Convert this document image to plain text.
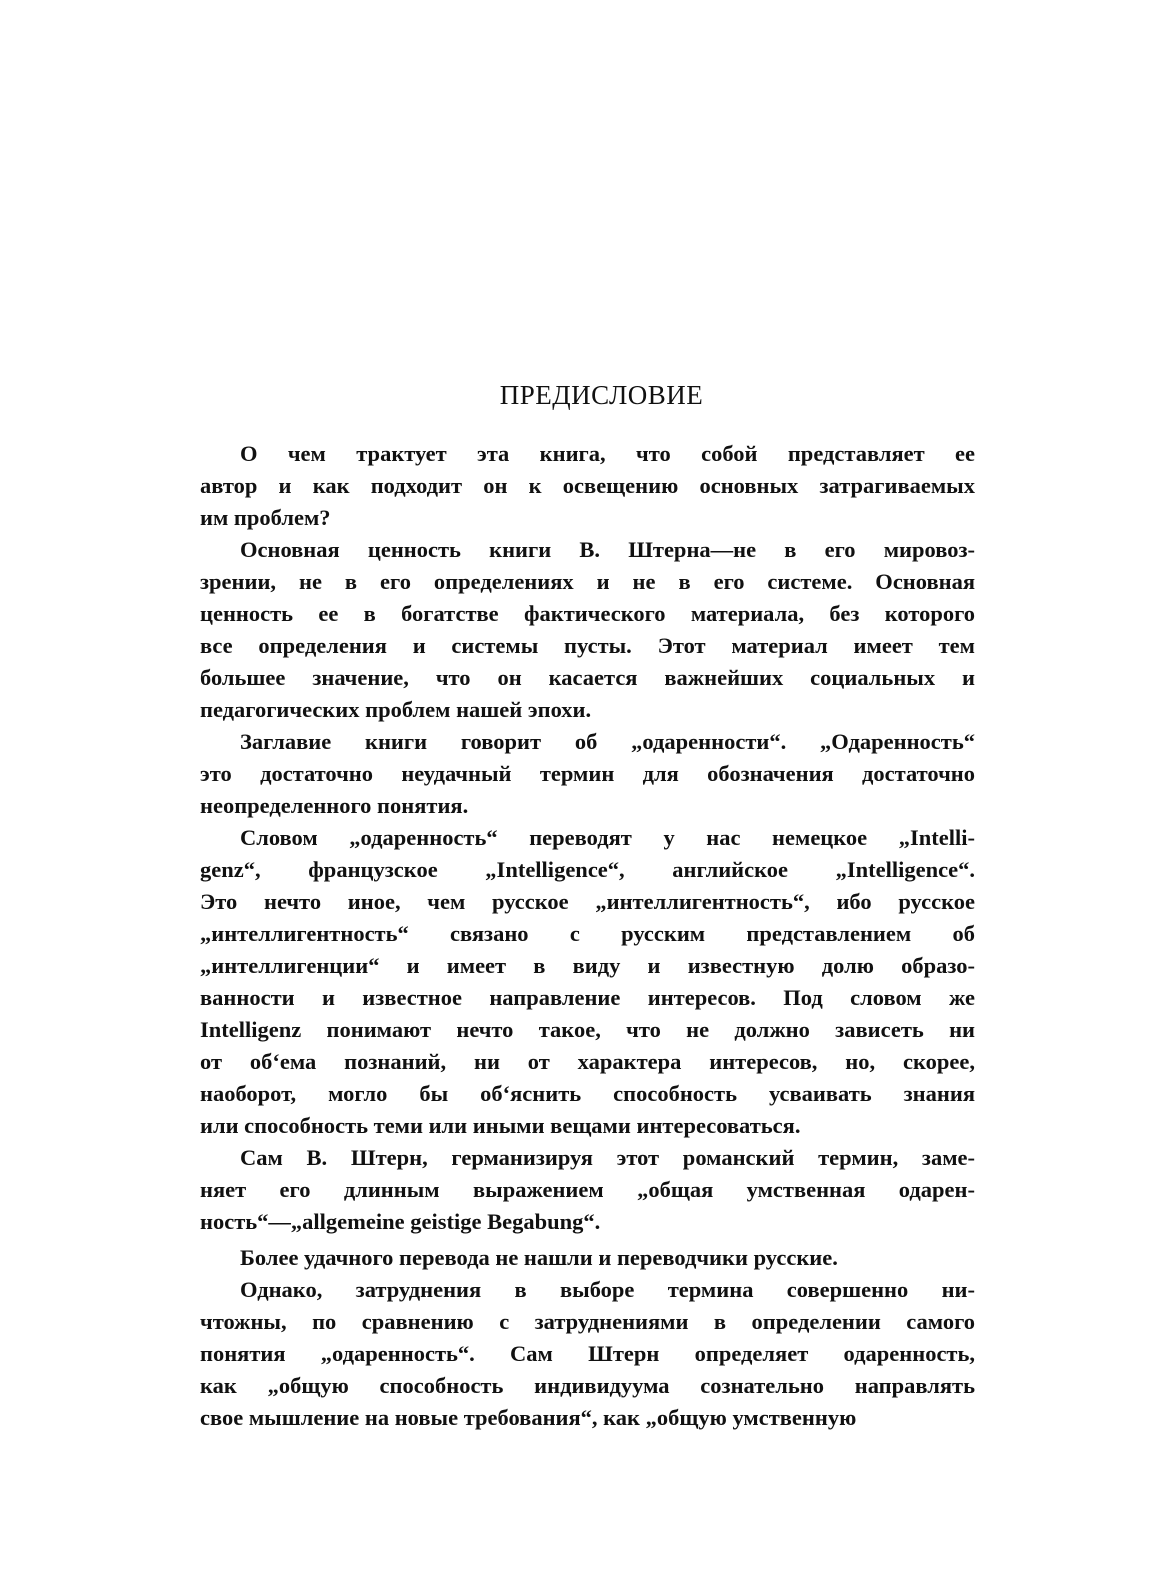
ПРЕДИСЛОВИЕ
О чем трактует эта книга, что собой представляет ее
автор и как подходит он к освещению основных затрагиваемых
им проблем?
Основная ценность книги В. Штерна—не в его мировоз-
зрении, не в его определениях и не в его системе. Основная
ценность ее в богатстве фактического материала, без которого
все определения и системы пусты. Этот материал имеет тем
большее значение, что он касается важнейших социальных и
педагогических проблем нашей эпохи.
Заглавие книги говорит об „одаренности“. „Одаренность“
это достаточно неудачный термин для обозначения достаточно
неопределенного понятия.
Словом „одаренность“ переводят у нас немецкое „Intelli-
genz“, французское „Intelligence“, английское „Intelligence“.
Это нечто иное, чем русское „интеллигентность“, ибо русское
„интеллигентность“ связано с русским представлением об
„интеллигенции“ и имеет в виду и известную долю образо-
ванности и известное направление интересов. Под словом же
Intelligenz понимают нечто такое, что не должно зависеть ни
от об‘ема познаний, ни от характера интересов, но, скорее,
наоборот, могло бы об‘яснить способность усваивать знания
или способность теми или иными вещами интересоваться.
Сам В. Штерн, германизируя этот романский термин, заме-
няет его длинным выражением „общая умственная одарен-
ность“—„allgemeine geistige Begabung“.
Более удачного перевода не нашли и переводчики русские.
Однако, затруднения в выборе термина совершенно ни-
чтожны, по сравнению с затруднениями в определении самого
понятия „одаренность“. Сам Штерн определяет одаренность,
как „общую способность индивидуума сознательно направлять
свое мышление на новые требования“, как „общую умственную
